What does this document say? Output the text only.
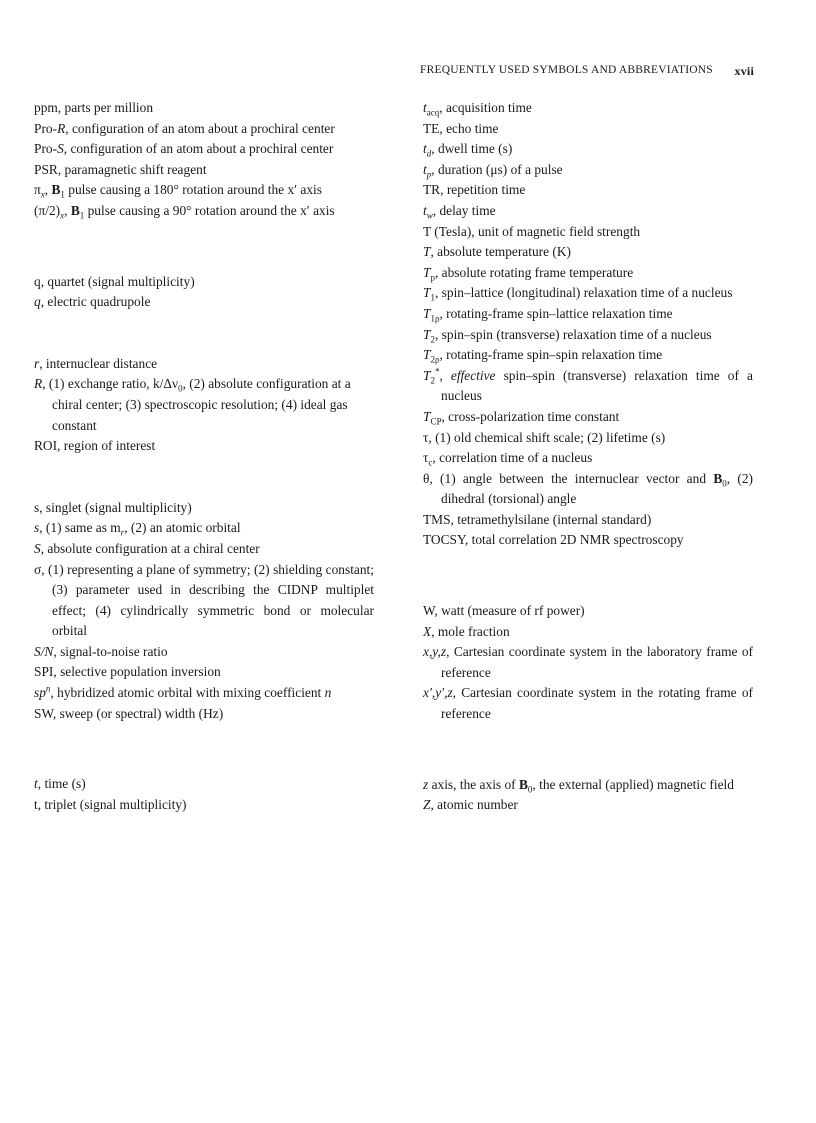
FREQUENTLY USED SYMBOLS AND ABBREVIATIONS xvii
ppm, parts per million
Pro-R, configuration of an atom about a prochiral center
Pro-S, configuration of an atom about a prochiral center
PSR, paramagnetic shift reagent
$\pi_x$, $B_1$ pulse causing a 180° rotation around the x′ axis
$(\pi/2)_x$, $B_1$ pulse causing a 90° rotation around the x′ axis
q, quartet (signal multiplicity)
q, electric quadrupole
r, internuclear distance
R, (1) exchange ratio, $k/\Delta\nu_0$, (2) absolute configuration at a chiral center; (3) spectroscopic resolution; (4) ideal gas constant
ROI, region of interest
s, singlet (signal multiplicity)
s, (1) same as $m_r$, (2) an atomic orbital
S, absolute configuration at a chiral center
σ, (1) representing a plane of symmetry; (2) shielding constant; (3) parameter used in describing the CIDNP multiplet effect; (4) cylindrically symmetric bond or molecular orbital
S/N, signal-to-noise ratio
SPI, selective population inversion
$sp^n$, hybridized atomic orbital with mixing coefficient n
SW, sweep (or spectral) width (Hz)
t, time (s)
t, triplet (signal multiplicity)
$t_{acq}$, acquisition time
TE, echo time
$t_d$, dwell time (s)
$t_p$, duration (μs) of a pulse
TR, repetition time
$t_w$, delay time
T (Tesla), unit of magnetic field strength
T, absolute temperature (K)
$T_p$, absolute rotating frame temperature
$T_1$, spin–lattice (longitudinal) relaxation time of a nucleus
$T_{1\rho}$, rotating-frame spin–lattice relaxation time
$T_2$, spin–spin (transverse) relaxation time of a nucleus
$T_{2\rho}$, rotating-frame spin–spin relaxation time
$T_2^*$, effective spin–spin (transverse) relaxation time of a nucleus
$T_{CP}$, cross-polarization time constant
τ, (1) old chemical shift scale; (2) lifetime (s)
$\tau_c$, correlation time of a nucleus
θ, (1) angle between the internuclear vector and $B_0$, (2) dihedral (torsional) angle
TMS, tetramethylsilane (internal standard)
TOCSY, total correlation 2D NMR spectroscopy
W, watt (measure of rf power)
X, mole fraction
x,y,z, Cartesian coordinate system in the laboratory frame of reference
x′,y′,z, Cartesian coordinate system in the rotating frame of reference
z axis, the axis of $B_0$, the external (applied) magnetic field
Z, atomic number
